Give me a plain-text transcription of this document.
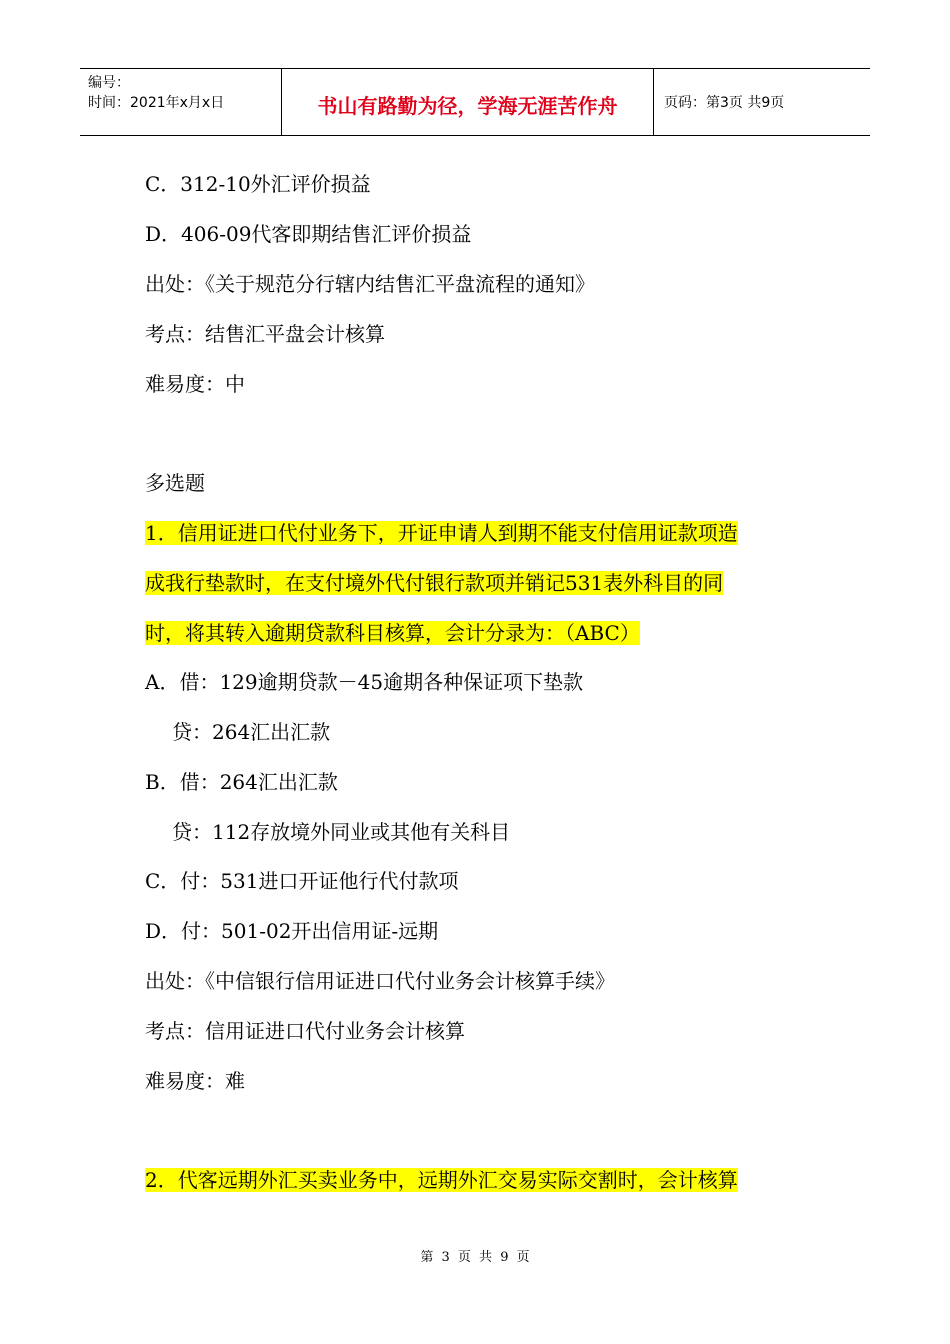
编号：
时间：2021年x月x日	书山有路勤为径，学海无涯苦作舟	页码：第3页 共9页
C．312-10外汇评价损益
D．406-09代客即期结售汇评价损益
出处：《关于规范分行辖内结售汇平盘流程的通知》
考点：结售汇平盘会计核算
难易度：中
多选题
1．信用证进口代付业务下，开证申请人到期不能支付信用证款项造
成我行垫款时，在支付境外代付银行款项并销记531表外科目的同
时，将其转入逾期贷款科目核算，会计分录为：（ABC）
A．借：129逾期贷款－45逾期各种保证项下垫款
贷：264汇出汇款
B．借：264汇出汇款
贷：112存放境外同业或其他有关科目
C．付：531进口开证他行代付款项
D．付：501-02开出信用证-远期
出处：《中信银行信用证进口代付业务会计核算手续》
考点：信用证进口代付业务会计核算
难易度：难
2．代客远期外汇买卖业务中，远期外汇交易实际交割时，会计核算
第 3 页 共 9 页
